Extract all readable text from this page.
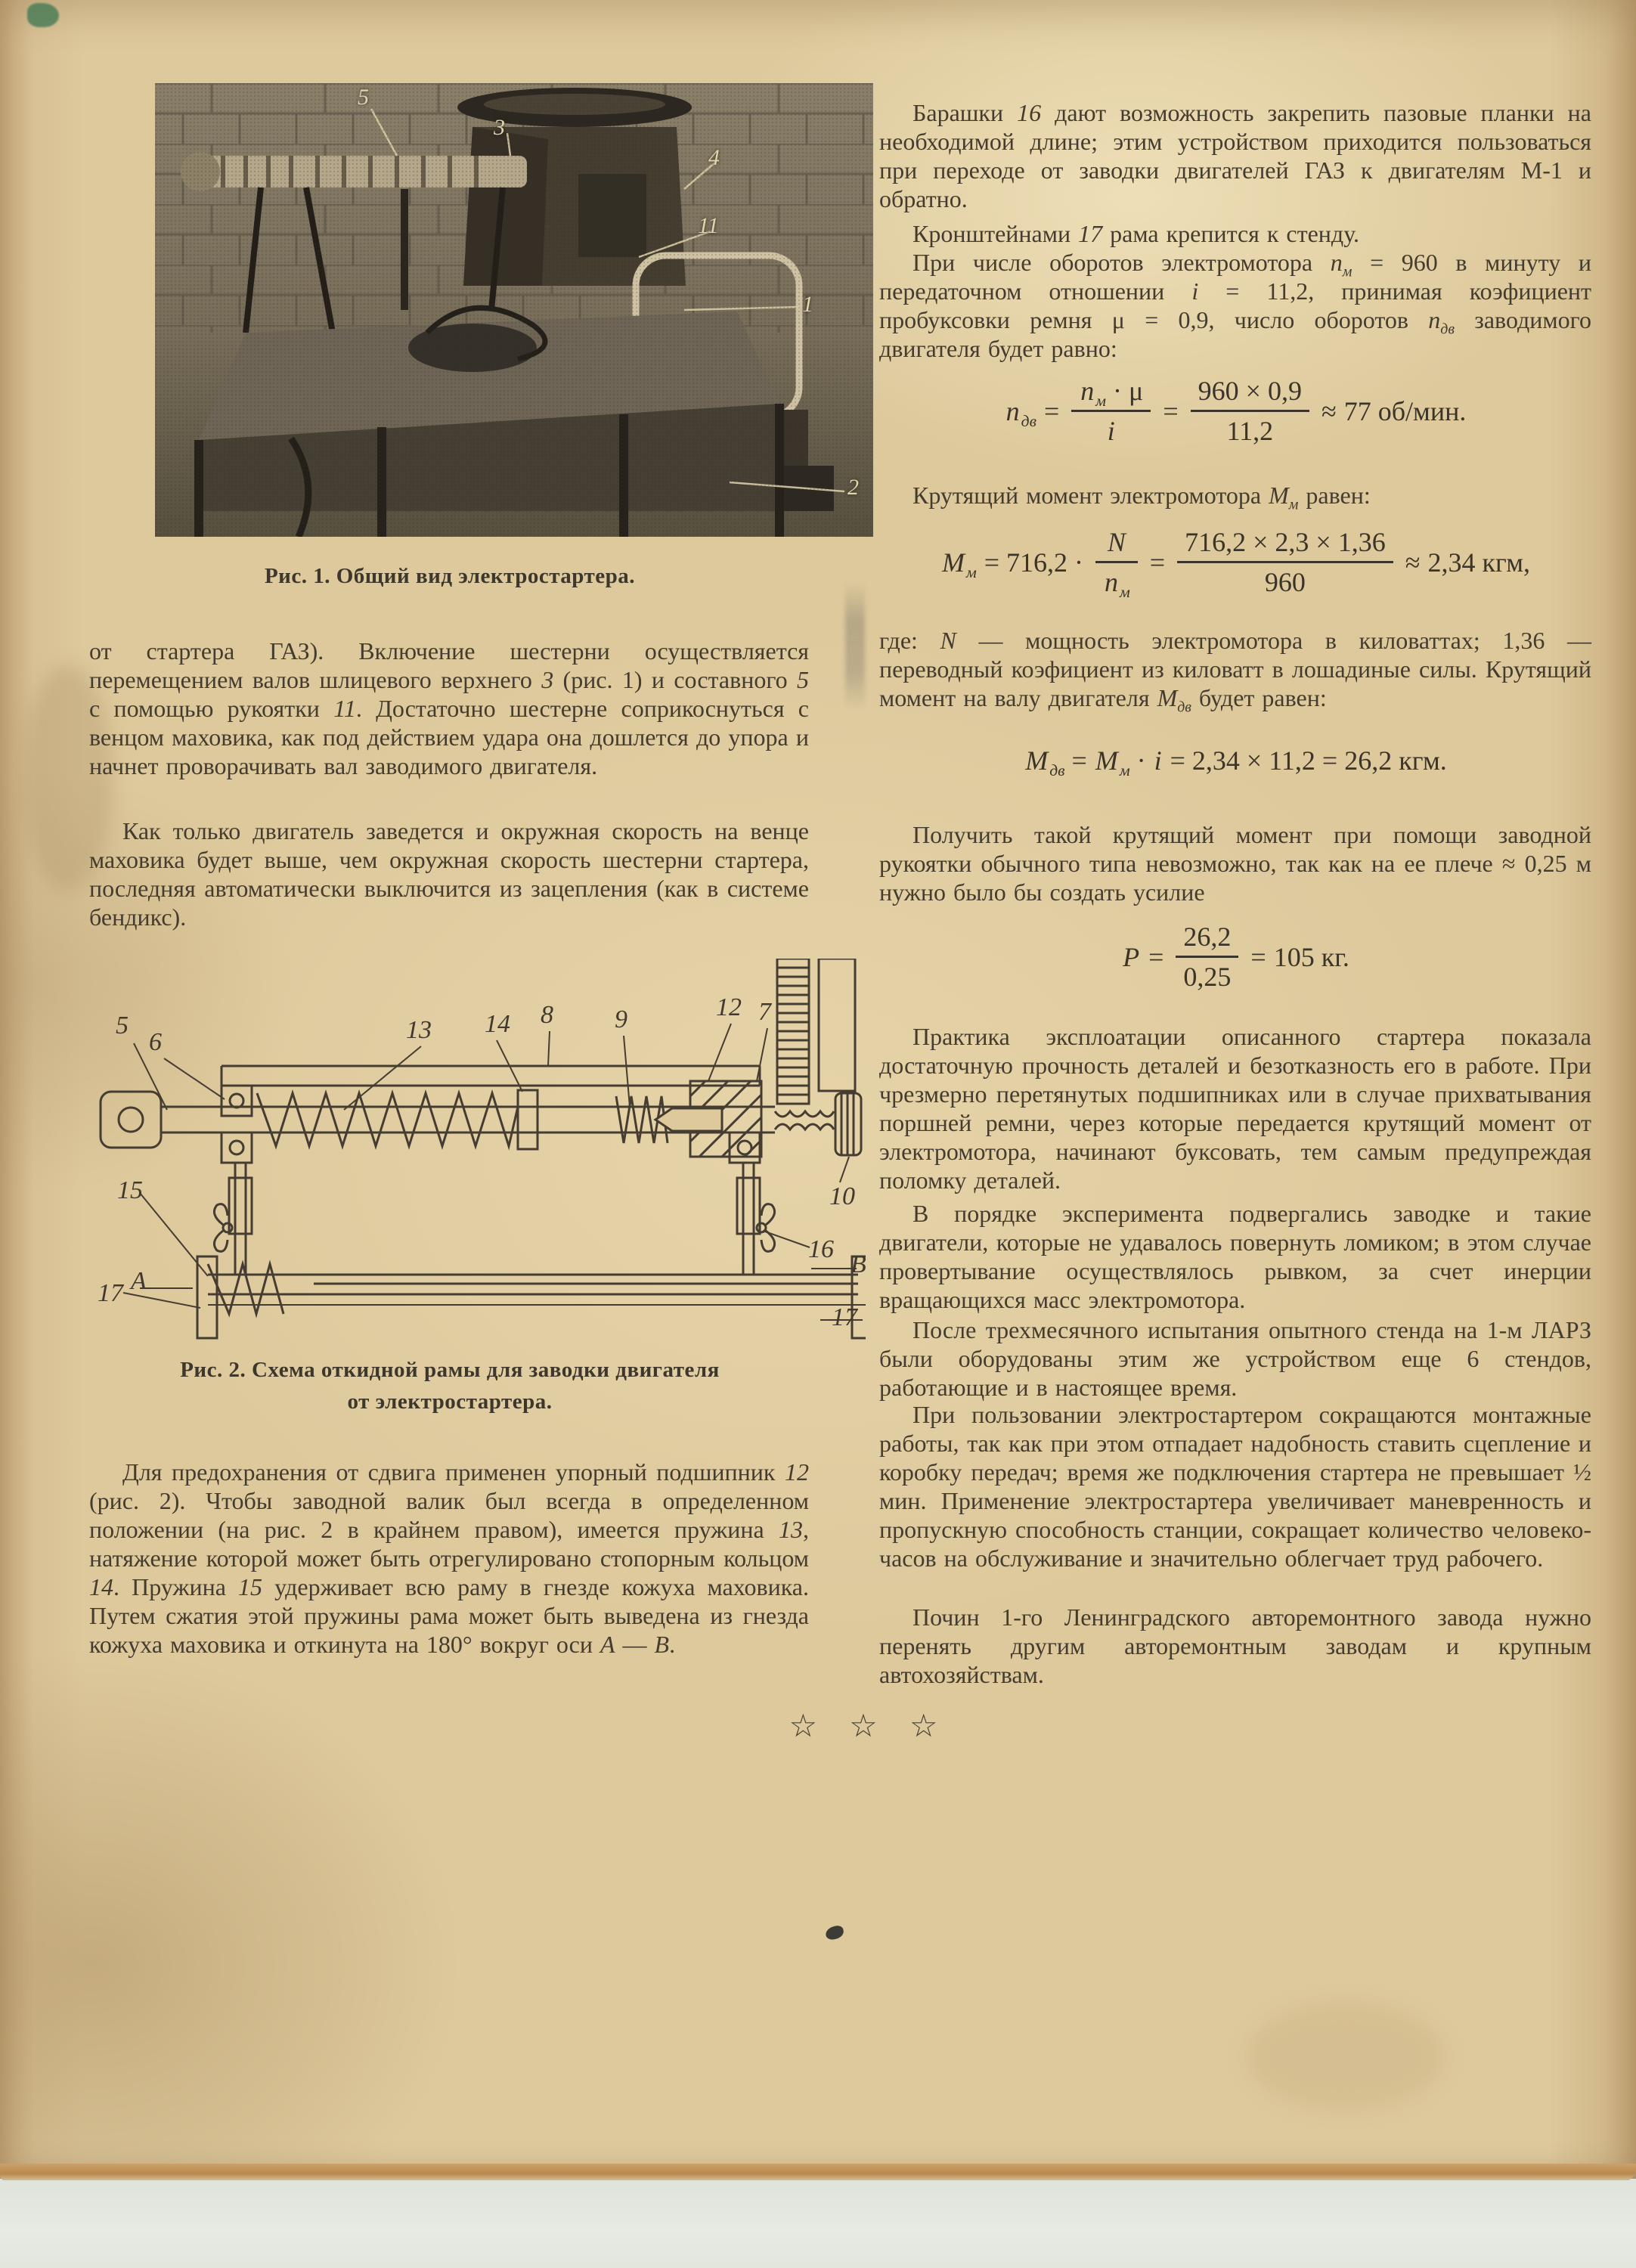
5
3
4
11
1
2
Рис. 1. Общий вид электростартера.
от стартера ГАЗ). Включение шестерни осуществляется перемещением валов шлицевого верхнего 3 (рис. 1) и составного 5 с помощью рукоятки 11. Достаточно шестерне соприкоснуться с венцом маховика, как под действием удара она дошлется до упора и начнет проворачивать вал заводимого двигателя.
Как только двигатель заведется и окружная скорость на венце маховика будет выше, чем окружная скорость шестерни стартера, последняя автоматически выключится из зацепления (как в системе бендикс).
5
6	13 14 8 9	12 7
10
15
16
A
B
17
17
Рис. 2. Схема откидной рамы для заводки двигателя
от электростартера.
Для предохранения от сдвига применен упорный подшипник 12 (рис. 2). Чтобы заводной валик был всегда в определенном положении (на рис. 2 в крайнем правом), имеется пружина 13, натяжение которой может быть отрегулировано стопорным кольцом 14. Пружина 15 удерживает всю раму в гнезде кожуха маховика. Путем сжатия этой пружины рама может быть выведена из гнезда кожуха маховика и откинута на 180° вокруг оси A — B.
Барашки 16 дают возможность закрепить пазовые планки на необходимой длине; этим устройством приходится пользоваться при переходе от заводки двигателей ГАЗ к двигателям М-1 и обратно.
Кронштейнами 17 рама крепится к стенду.
При числе оборотов электромотора $n_м = 960$ в минуту и передаточном отношении i = 11,2, принимая коэфициент пробуксовки ремня μ = 0,9, число оборотов $n_{дв}$ заводимого двигателя будет равно:
$n_{дв} = \frac{n_м \cdot \mu}{i} = \frac{960 \times 0,9}{11,2} \approx 77$ об/мин.
Крутящий момент электромотора $M_м$ равен:
$M_м = 716,2 \cdot \frac{N}{n_м} = \frac{716,2 \times 2,3 \times 1,36}{960} \approx 2,34$ кгм,
где: N — мощность электромотора в киловаттах; 1,36 — переводный коэфициент из киловатт в лошадиные силы. Крутящий момент на валу двигателя $M_{дв}$ будет равен:
$M_{дв} = M_м \cdot i = 2,34 \times 11,2 = 26,2$ кгм.
Получить такой крутящий момент при помощи заводной рукоятки обычного типа невозможно, так как на ее плече ≈ 0,25 м нужно было бы создать усилие
$P = \frac{26,2}{0,25} = 105$ кг.
Практика эксплоатации описанного стартера показала достаточную прочность деталей и безотказность его в работе. При чрезмерно перетянутых подшипниках или в случае прихватывания поршней ремни, через которые передается крутящий момент от электромотора, начинают буксовать, тем самым предупреждая поломку деталей.
В порядке эксперимента подвергались заводке и такие двигатели, которые не удавалось повернуть ломиком; в этом случае провертывание осуществлялось рывком, за счет инерции вращающихся масс электромотора.
После трехмесячного испытания опытного стенда на 1-м ЛАРЗ были оборудованы этим же устройством еще 6 стендов, работающие и в настоящее время.
При пользовании электростартером сокращаются монтажные работы, так как при этом отпадает надобность ставить сцепление и коробку передач; время же подключения стартера не превышает ½ мин. Применение электростартера увеличивает маневренность и пропускную способность станции, сокращает количество человеко-часов на обслуживание и значительно облегчает труд рабочего.
Почин 1-го Ленинградского авторемонтного завода нужно перенять другим авторемонтным заводам и крупным автохозяйствам.
☆ ☆ ☆
